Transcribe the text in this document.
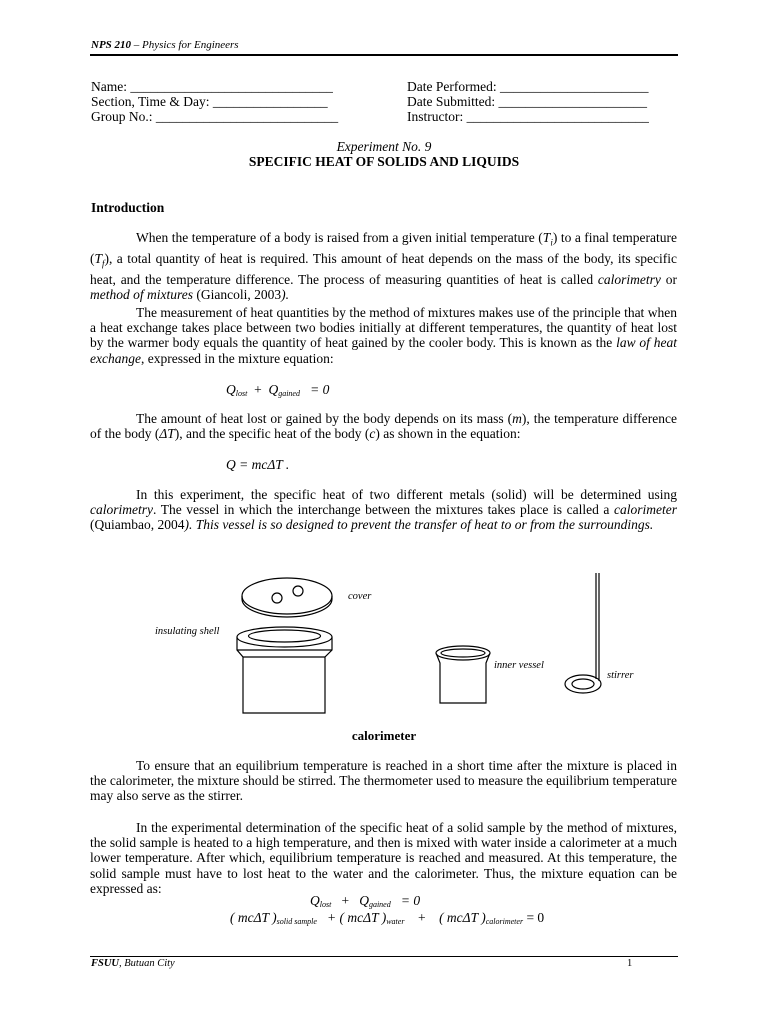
NPS 210 – Physics for Engineers
Name: ______________________________
Section, Time & Day: _________________
Group No.: ___________________________
Date Performed: ______________________
Date Submitted: ______________________
Instructor: ___________________________
Experiment No. 9
SPECIFIC HEAT OF SOLIDS AND LIQUIDS
Introduction
When the temperature of a body is raised from a given initial temperature $(T_i)$ to a final temperature $(T_f)$, a total quantity of heat is required. This amount of heat depends on the mass of the body, its specific heat, and the temperature difference. The process of measuring quantities of heat is called calorimetry or method of mixtures (Giancoli, 2003).
The measurement of heat quantities by the method of mixtures makes use of the principle that when a heat exchange takes place between two bodies initially at different temperatures, the quantity of heat lost by the warmer body equals the quantity of heat gained by the cooler body. This is known as the law of heat exchange, expressed in the mixture equation:
$Q_{lost} + Q_{gained} = 0$
The amount of heat lost or gained by the body depends on its mass (m), the temperature difference of the body (ΔT), and the specific heat of the body (c) as shown in the equation:
Q = mcΔT .
In this experiment, the specific heat of two different metals (solid) will be determined using calorimetry. The vessel in which the interchange between the mixtures takes place is called a calorimeter (Quiambao, 2004). This vessel is so designed to prevent the transfer of heat to or from the surroundings.
cover
insulating shell
inner vessel
stirrer
calorimeter
To ensure that an equilibrium temperature is reached in a short time after the mixture is placed in the calorimeter, the mixture should be stirred. The thermometer used to measure the equilibrium temperature may also serve as the stirrer.
In the experimental determination of the specific heat of a solid sample by the method of mixtures, the solid sample is heated to a high temperature, and then is mixed with water inside a calorimeter at a much lower temperature. After which, equilibrium temperature is reached and measured. At this temperature, the solid sample must have to lost heat to the water and the calorimeter. Thus, the mixture equation can be expressed as:
$Q_{lost} + Q_{gained} = 0$
( mcΔT )$_{solid sample}$   + ( mcΔT )$_{water}$    +    ( mcΔT )$_{calorimeter} = 0$
FSUU, Butuan City	1
